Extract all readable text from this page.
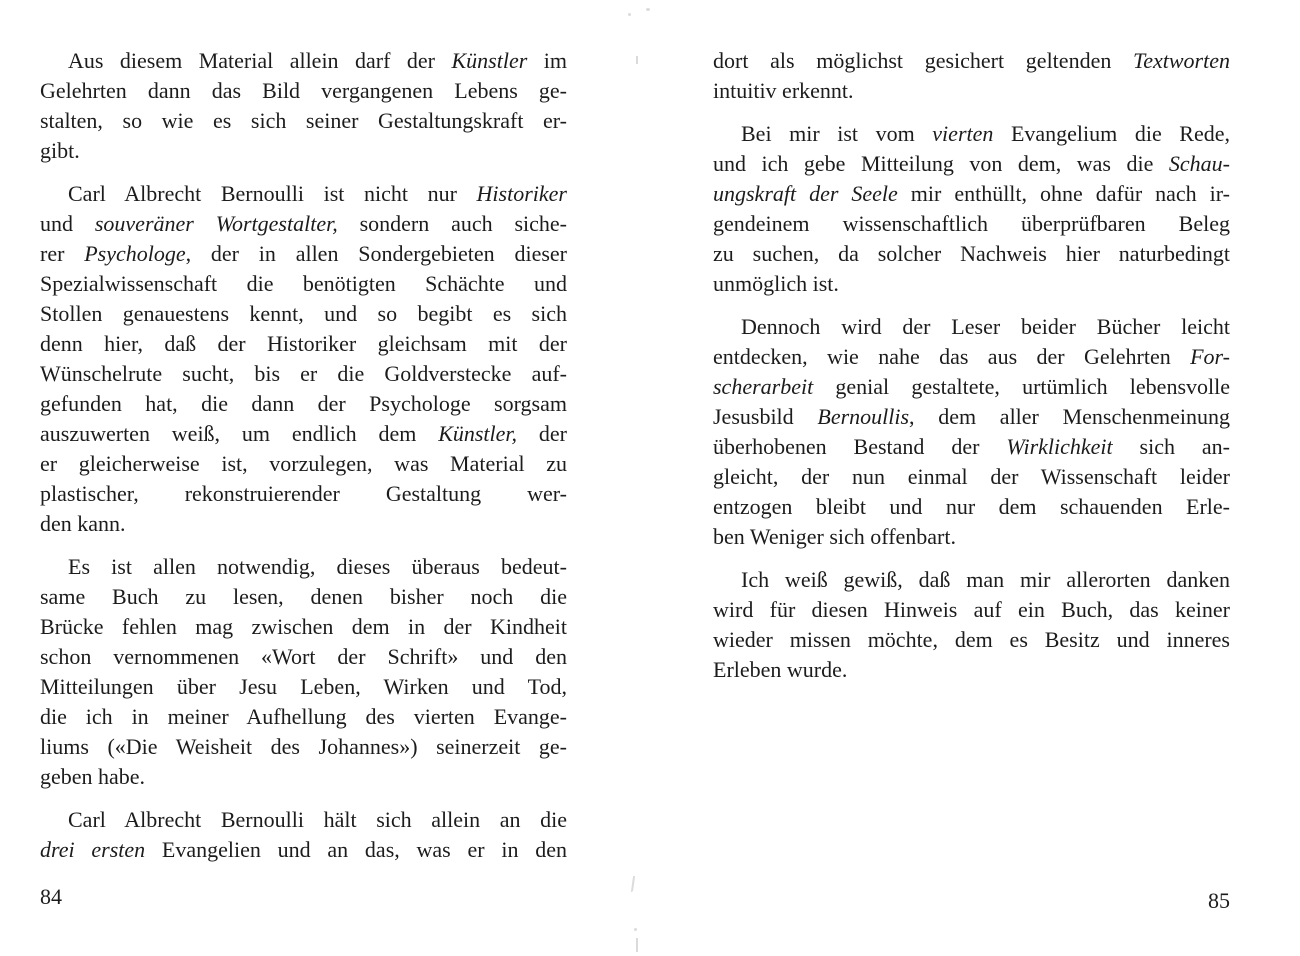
Aus diesem Material allein darf der Künstler im
Gelehrten dann das Bild vergangenen Lebens ge-
stalten, so wie es sich seiner Gestaltungskraft er-
gibt.
Carl Albrecht Bernoulli ist nicht nur Historiker
und souveräner Wortgestalter, sondern auch siche-
rer Psychologe, der in allen Sondergebieten dieser
Spezialwissenschaft die benötigten Schächte und
Stollen genauestens kennt, und so begibt es sich
denn hier, daß der Historiker gleichsam mit der
Wünschelrute sucht, bis er die Goldverstecke auf-
gefunden hat, die dann der Psychologe sorgsam
auszuwerten weiß, um endlich dem Künstler, der
er gleicherweise ist, vorzulegen, was Material zu
plastischer, rekonstruierender Gestaltung wer-
den kann.
Es ist allen notwendig, dieses überaus bedeut-
same Buch zu lesen, denen bisher noch die
Brücke fehlen mag zwischen dem in der Kindheit
schon vernommenen «Wort der Schrift» und den
Mitteilungen über Jesu Leben, Wirken und Tod,
die ich in meiner Aufhellung des vierten Evange-
liums («Die Weisheit des Johannes») seinerzeit ge-
geben habe.
Carl Albrecht Bernoulli hält sich allein an die
drei ersten Evangelien und an das, was er in den
dort als möglichst gesichert geltenden Textworten
intuitiv erkennt.
Bei mir ist vom vierten Evangelium die Rede,
und ich gebe Mitteilung von dem, was die Schau-
ungskraft der Seele mir enthüllt, ohne dafür nach ir-
gendeinem wissenschaftlich überprüfbaren Beleg
zu suchen, da solcher Nachweis hier naturbedingt
unmöglich ist.
Dennoch wird der Leser beider Bücher leicht
entdecken, wie nahe das aus der Gelehrten For-
scherarbeit genial gestaltete, urtümlich lebensvolle
Jesusbild Bernoullis, dem aller Menschenmeinung
überhobenen Bestand der Wirklichkeit sich an-
gleicht, der nun einmal der Wissenschaft leider
entzogen bleibt und nur dem schauenden Erle-
ben Weniger sich offenbart.
Ich weiß gewiß, daß man mir allerorten danken
wird für diesen Hinweis auf ein Buch, das keiner
wieder missen möchte, dem es Besitz und inneres
Erleben wurde.
84	85
